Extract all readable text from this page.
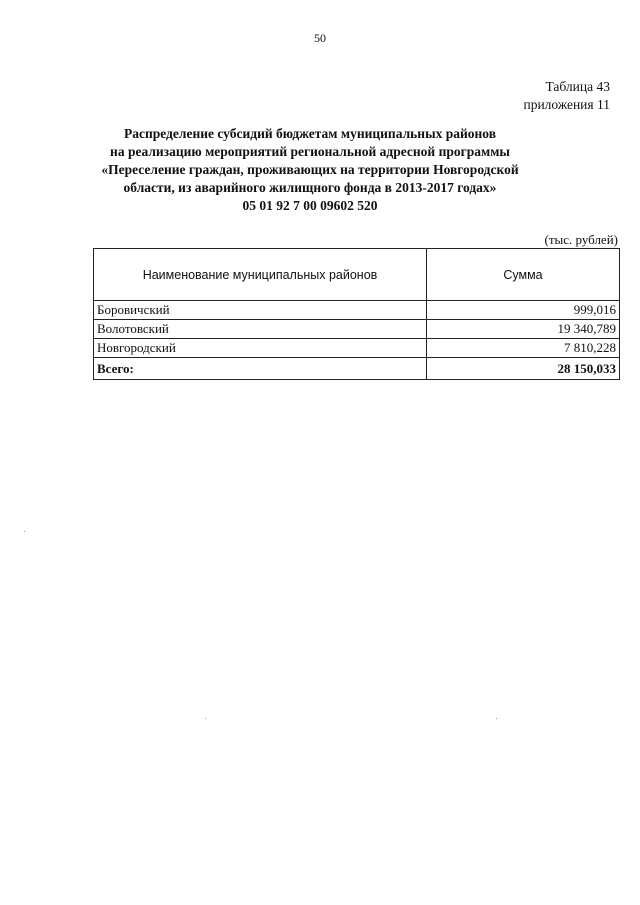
50
Таблица 43
приложения 11
Распределение субсидий бюджетам муниципальных районов
на реализацию мероприятий региональной адресной программы
«Переселение граждан, проживающих на территории Новгородской
области, из аварийного жилищного фонда в 2013-2017 годах»
05 01 92 7 00 09602 520
(тыс. рублей)
Наименование муниципальных районов	Сумма
Боровичский	999,016
Волотовский	19 340,789
Новгородский	7 810,228
Всего:	28 150,033
